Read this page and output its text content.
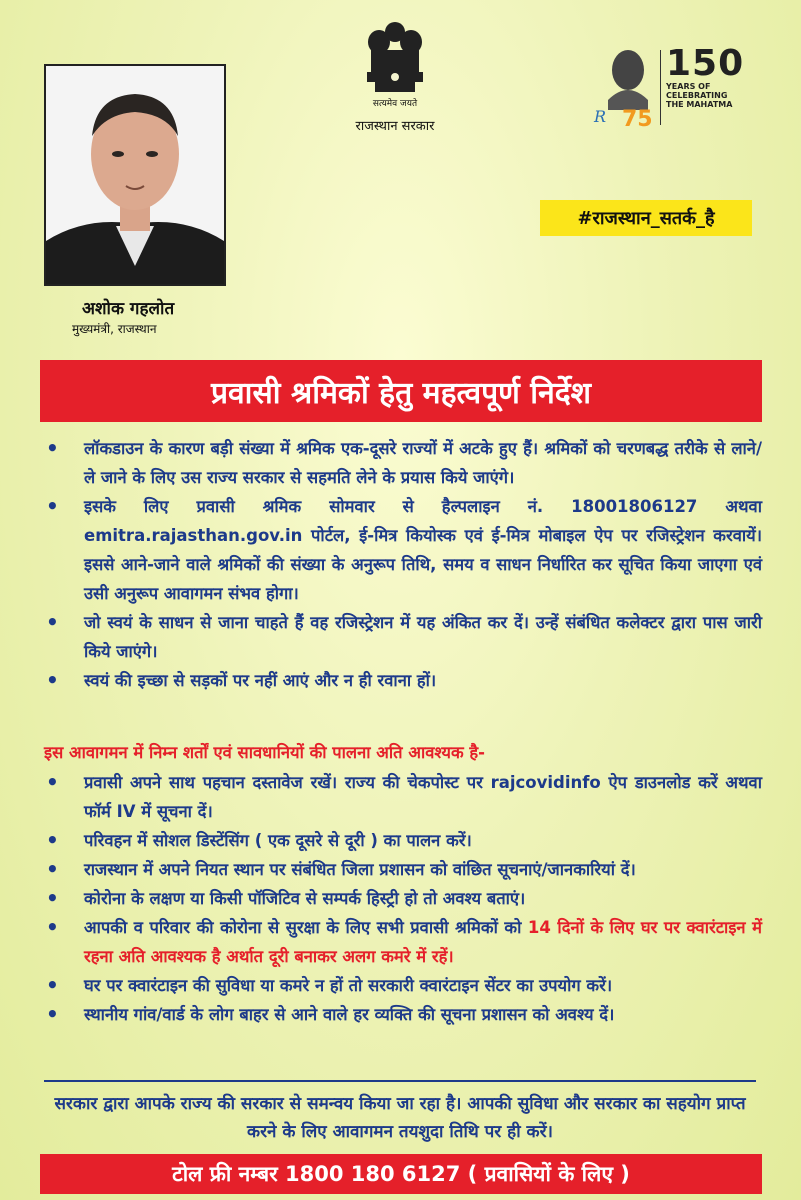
अशोक गहलोत
मुख्यमंत्री, राजस्थान
सत्यमेव जयते
राजस्थान सरकार
R 75
150
YEARS OF
CELEBRATING
THE MAHATMA
#राजस्थान_सतर्क_है
प्रवासी श्रमिकों हेतु महत्वपूर्ण निर्देश
• लॉकडाउन के कारण बड़ी संख्या में श्रमिक एक-दूसरे राज्यों में अटके हुए हैं। श्रमिकों को चरणबद्ध तरीके से लाने/ले जाने के लिए उस राज्य सरकार से सहमति लेने के प्रयास किये जाएंगे।
• इसके लिए प्रवासी श्रमिक सोमवार से हैल्पलाइन नं. 18001806127 अथवा emitra.rajasthan.gov.in पोर्टल, ई-मित्र कियोस्क एवं ई-मित्र मोबाइल ऐप पर रजिस्ट्रेशन करवायें। इससे आने-जाने वाले श्रमिकों की संख्या के अनुरूप तिथि, समय व साधन निर्धारित कर सूचित किया जाएगा एवं उसी अनुरूप आवागमन संभव होगा।
• जो स्वयं के साधन से जाना चाहते हैं वह रजिस्ट्रेशन में यह अंकित कर दें। उन्हें संबंधित कलेक्टर द्वारा पास जारी किये जाएंगे।
• स्वयं की इच्छा से सड़कों पर नहीं आएं और न ही रवाना हों।
इस आवागमन में निम्न शर्तों एवं सावधानियों की पालना अति आवश्यक है-
• प्रवासी अपने साथ पहचान दस्तावेज रखें। राज्य की चेकपोस्ट पर rajcovidinfo ऐप डाउनलोड करें अथवा फॉर्म IV में सूचना दें।
• परिवहन में सोशल डिस्टेंसिंग ( एक दूसरे से दूरी ) का पालन करें।
• राजस्थान में अपने नियत स्थान पर संबंधित जिला प्रशासन को वांछित सूचनाएं/जानकारियां दें।
• कोरोना के लक्षण या किसी पॉजिटिव से सम्पर्क हिस्ट्री हो तो अवश्य बताएं।
• आपकी व परिवार की कोरोना से सुरक्षा के लिए सभी प्रवासी श्रमिकों को 14 दिनों के लिए घर पर क्वारंटाइन में रहना अति आवश्यक है अर्थात दूरी बनाकर अलग कमरे में रहें।
• घर पर क्वारंटाइन की सुविधा या कमरे न हों तो सरकारी क्वारंटाइन सेंटर का उपयोग करें।
• स्थानीय गांव/वार्ड के लोग बाहर से आने वाले हर व्यक्ति की सूचना प्रशासन को अवश्य दें।
सरकार द्वारा आपके राज्य की सरकार से समन्वय किया जा रहा है। आपकी सुविधा और सरकार का सहयोग प्राप्त करने के लिए आवागमन तयशुदा तिथि पर ही करें।
टोल फ्री नम्बर 1800 180 6127 ( प्रवासियों के लिए )
